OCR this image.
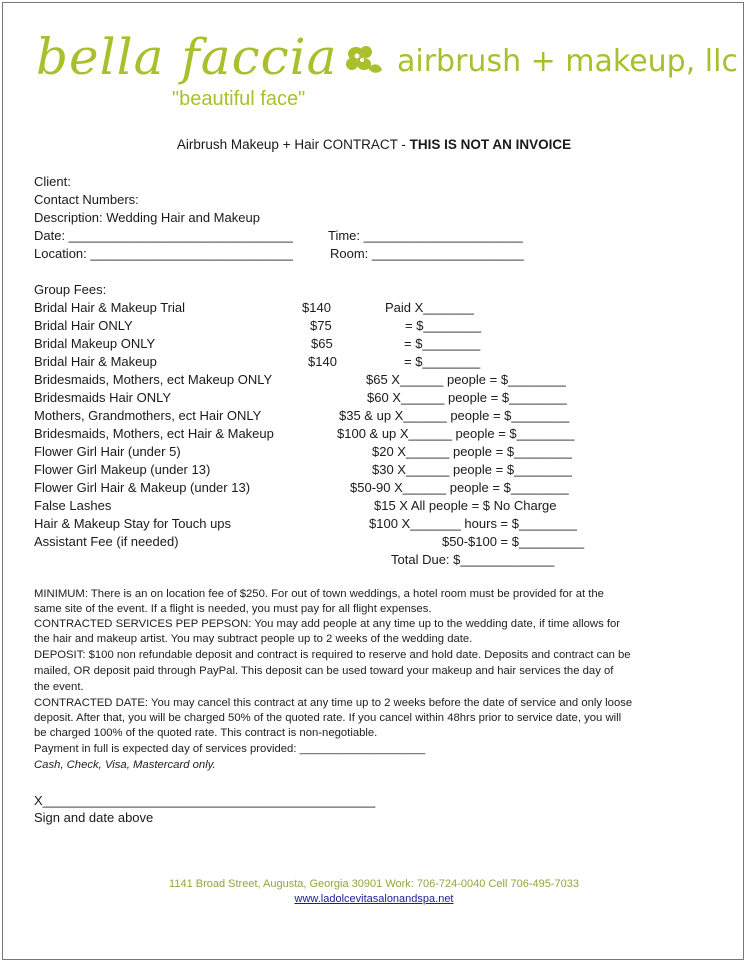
bella faccia
"beautiful face"
airbrush + makeup, llc
Airbrush Makeup + Hair CONTRACT - THIS IS NOT AN INVOICE
Client:
Contact Numbers:
Description: Wedding Hair and Makeup
Date: _______________________________	Time: ______________________
Location: ____________________________	Room: _____________________
Group Fees:
Bridal Hair & Makeup Trial	$140	Paid X_______
Bridal Hair ONLY	$75	= $________
Bridal Makeup ONLY	$65	= $________
Bridal Hair & Makeup	$140	= $________
Bridesmaids, Mothers, ect Makeup ONLY	$65 X______ people = $________
Bridesmaids Hair ONLY	$60 X______ people = $________
Mothers, Grandmothers, ect Hair ONLY	$35 & up X______ people = $________
Bridesmaids, Mothers, ect Hair & Makeup	$100 & up X______ people = $________
Flower Girl Hair (under 5)	$20 X______ people = $________
Flower Girl Makeup (under 13)	$30 X______ people = $________
Flower Girl Hair & Makeup (under 13)	$50-90 X______ people = $________
False Lashes	$15 X All people = $ No Charge
Hair & Makeup Stay for Touch ups	$100 X_______ hours = $________
Assistant Fee (if needed)	$50-$100 = $_________
Total Due: $_____________
MINIMUM: There is an on location fee of $250. For out of town weddings, a hotel room must be provided for at the
same site of the event. If a flight is needed, you must pay for all flight expenses.
CONTRACTED SERVICES PEP PEPSON: You may add people at any time up to the wedding date, if time allows for
the hair and makeup artist. You may subtract people up to 2 weeks of the wedding date.
DEPOSIT: $100 non refundable deposit and contract is required to reserve and hold date. Deposits and contract can be
mailed, OR deposit paid through PayPal. This deposit can be used toward your makeup and hair services the day of
the event.
CONTRACTED DATE: You may cancel this contract at any time up to 2 weeks before the date of service and only loose
deposit. After that, you will be charged 50% of the quoted rate. If you cancel within 48hrs prior to service date, you will
be charged 100% of the quoted rate. This contract is non-negotiable.
Payment in full is expected day of services provided: ____________________
Cash, Check, Visa, Mastercard only.
X______________________________________________
Sign and date above
1141 Broad Street, Augusta, Georgia 30901 Work: 706-724-0040 Cell 706-495-7033
www.ladolcevitasalonandspa.net
